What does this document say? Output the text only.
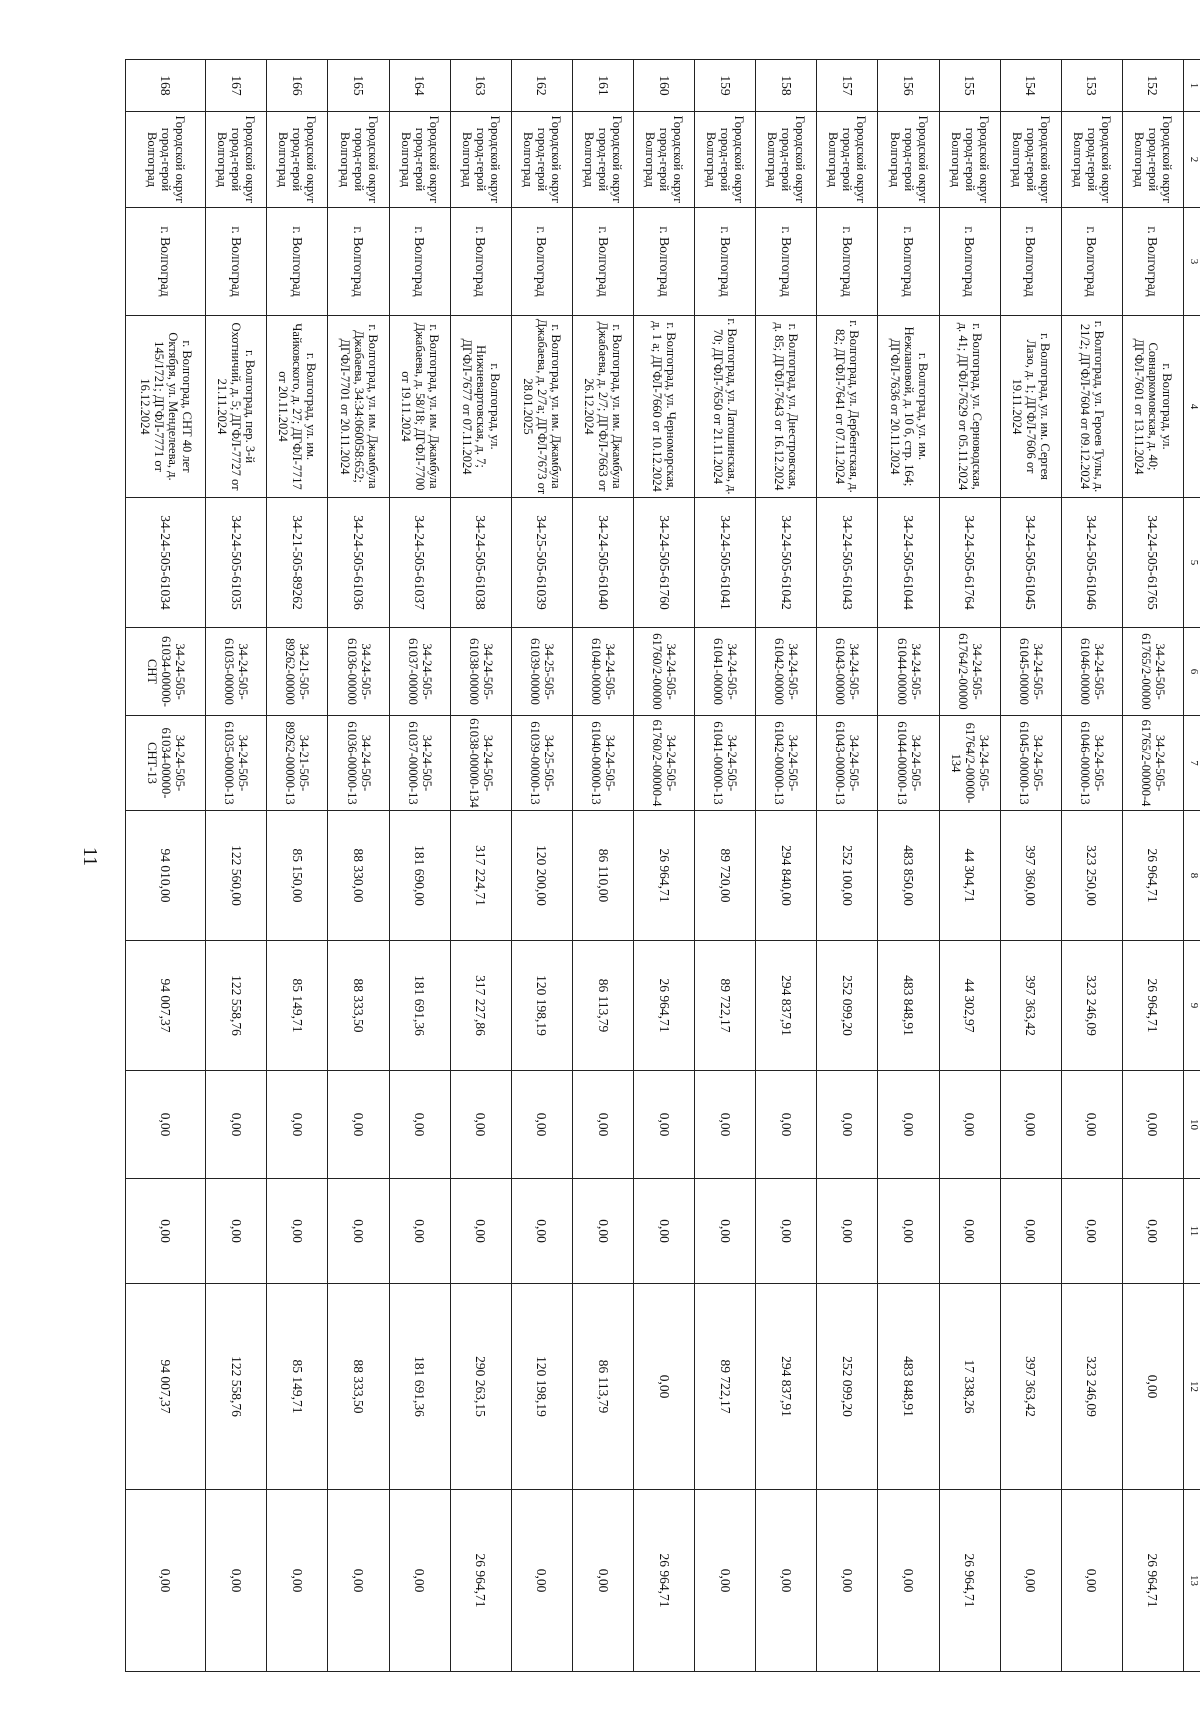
11
1	2	3	4	5	6	7	8	9	10	11	12	13
152	Городской округ город-герой Волгоград	г. Волгоград	г. Волгоград, ул. Совнаркомовская, д. 40; ДГФЛ-7601 от 13.11.2024	34-24-505-61765	34-24-505-61765/2-00000	34-24-505-61765/2-00000-4	26 964,71	26 964,71	0,00	0,00	0,00	26 964,71
153	Городской округ город-герой Волгоград	г. Волгоград	г. Волгоград, ул. Героев Тулы, д. 21/2; ДГФЛ-7604 от 09.12.2024	34-24-505-61046	34-24-505-61046-00000	34-24-505-61046-00000-13	323 250,00	323 246,09	0,00	0,00	323 246,09	0,00
154	Городской округ город-герой Волгоград	г. Волгоград	г. Волгоград, ул. им. Сергея Лазо, д. 1; ДГФЛ-7606 от 19.11.2024	34-24-505-61045	34-24-505-61045-00000	34-24-505-61045-00000-13	397 360,00	397 363,42	0,00	0,00	397 363,42	0,00
155	Городской округ город-герой Волгоград	г. Волгоград	г. Волгоград, ул. Серноводская, д. 41; ДГФЛ-7629 от 05.11.2024	34-24-505-61764	34-24-505-61764/2-00000	34-24-505-61764/2-00000-134	44 304,71	44 302,97	0,00	0,00	17 338,26	26 964,71
156	Городской округ город-герой Волгоград	г. Волгоград	г. Волгоград, ул. им. Нежлановой, д. 10 б, стр. 164; ДГФЛ-7636 от 20.11.2024	34-24-505-61044	34-24-505-61044-00000	34-24-505-61044-00000-13	483 850,00	483 848,91	0,00	0,00	483 848,91	0,00
157	Городской округ город-герой Волгоград	г. Волгоград	г. Волгоград, ул. Дербентская, д. 82; ДГФЛ-7641 от 07.11.2024	34-24-505-61043	34-24-505-61043-00000	34-24-505-61043-00000-13	252 100,00	252 099,20	0,00	0,00	252 099,20	0,00
158	Городской округ город-герой Волгоград	г. Волгоград	г. Волгоград, ул. Днестровская, д. 85; ДГФЛ-7643 от 16.12.2024	34-24-505-61042	34-24-505-61042-00000	34-24-505-61042-00000-13	294 840,00	294 837,91	0,00	0,00	294 837,91	0,00
159	Городской округ город-герой Волгоград	г. Волгоград	г. Волгоград, ул. Латошинская, д. 70; ДГФЛ-7650 от 21.11.2024	34-24-505-61041	34-24-505-61041-00000	34-24-505-61041-00000-13	89 720,00	89 722,17	0,00	0,00	89 722,17	0,00
160	Городской округ город-герой Волгоград	г. Волгоград	г. Волгоград, ул. Черноморская, д. 1 а; ДГФЛ-7660 от 10.12.2024	34-24-505-61760	34-24-505-61760/2-00000	34-24-505-61760/2-00000-4	26 964,71	26 964,71	0,00	0,00	0,00	26 964,71
161	Городской округ город-герой Волгоград	г. Волгоград	г. Волгоград, ул. им. Джамбула Джабаева, д. 2/7; ДГФЛ-7663 от 26.12.2024	34-24-505-61040	34-24-505-61040-00000	34-24-505-61040-00000-13	86 110,00	86 113,79	0,00	0,00	86 113,79	0,00
162	Городской округ город-герой Волгоград	г. Волгоград	г. Волгоград, ул. им. Джамбула Джабаева, д. 2/7а; ДГФЛ-7673 от 28.01.2025	34-25-505-61039	34-25-505-61039-00000	34-25-505-61039-00000-13	120 200,00	120 198,19	0,00	0,00	120 198,19	0,00
163	Городской округ город-герой Волгоград	г. Волгоград	г. Волгоград, ул. Нижневартовская, д. 7; ДГФЛ-7677 от 07.11.2024	34-24-505-61038	34-24-505-61038-00000	34-24-505-61038-00000-134	317 224,71	317 227,86	0,00	0,00	290 263,15	26 964,71
164	Городской округ город-герой Волгоград	г. Волгоград	г. Волгоград, ул. им. Джамбула Джабаева, д. 58/18; ДГФЛ-7700 от 19.11.2024	34-24-505-61037	34-24-505-61037-00000	34-24-505-61037-00000-13	181 690,00	181 691,36	0,00	0,00	181 691,36	0,00
165	Городской округ город-герой Волгоград	г. Волгоград	г. Волгоград, ул. им. Джамбула Джабаева, 34:34:060058:652; ДГФЛ-7701 от 20.11.2024	34-24-505-61036	34-24-505-61036-00000	34-24-505-61036-00000-13	88 330,00	88 333,50	0,00	0,00	88 333,50	0,00
166	Городской округ город-герой Волгоград	г. Волгоград	г. Волгоград, ул. им. Чайковского, д. 27; ДГФЛ-7717 от 20.11.2024	34-21-505-89262	34-21-505-89262-00000	34-21-505-89262-00000-13	85 150,00	85 149,71	0,00	0,00	85 149,71	0,00
167	Городской округ город-герой Волгоград	г. Волгоград	г. Волгоград, пер. 3-й Охотничий, д. 5; ДГФЛ-7727 от 21.11.2024	34-24-505-61035	34-24-505-61035-00000	34-24-505-61035-00000-13	122 560,00	122 558,76	0,00	0,00	122 558,76	0,00
168	Городской округ город-герой Волгоград	г. Волгоград	г. Волгоград, СНТ 40 лет Октября, ул. Менделеева, д. 145/1721; ДГФЛ-7771 от 16.12.2024	34-24-505-61034	34-24-505-61034-00000-СНТ	34-24-505-61034-00000-СНТ-13	94 010,00	94 007,37	0,00	0,00	94 007,37	0,00
